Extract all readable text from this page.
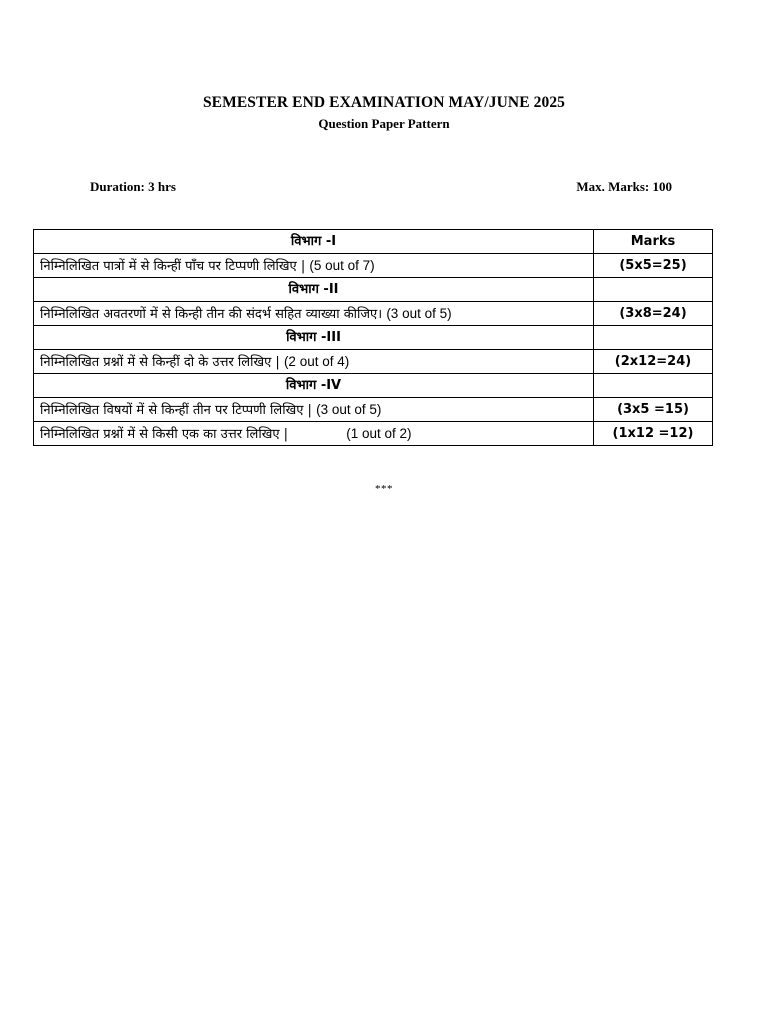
SEMESTER END EXAMINATION MAY/JUNE 2025
Question Paper Pattern
Duration: 3 hrs	Max. Marks: 100
विभाग -I	Marks
निम्निलिखित पात्रों में से किन्हीं पाँच पर टिप्पणी लिखिए | (5 out of 7)	(5x5=25)
विभाग -II	
निम्निलिखित अवतरणों में से किन्ही तीन की संदर्भ सहित व्याख्या कीजिए। (3 out of 5)	(3x8=24)
विभाग -III	
निम्निलिखित प्रश्नों में से किन्हीं दो के उत्तर लिखिए | (2 out of 4)	(2x12=24)
विभाग -IV	
निम्निलिखित विषयों में से किन्हीं तीन पर टिप्पणी लिखिए | (3 out of 5)	(3x5 =15)
निम्निलिखित प्रश्नों में से किसी एक का उत्तर लिखिए | (1 out of 2)	(1x12 =12)
***
